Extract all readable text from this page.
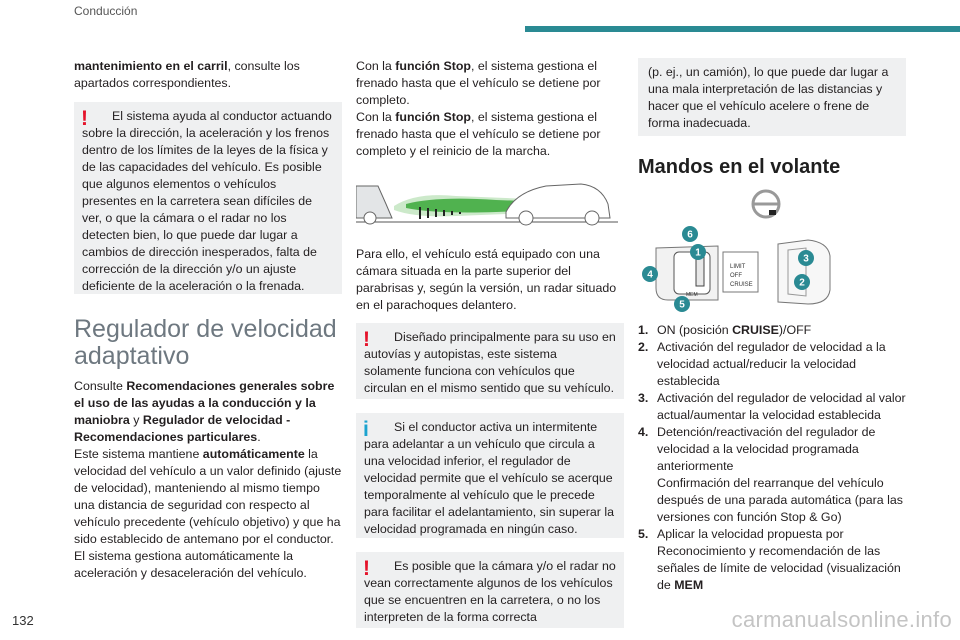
Conducción

mantenimiento en el carril, consulte los apartados correspondientes.

!	El sistema ayuda al conductor actuando sobre la dirección, la aceleración y los frenos dentro de los límites de la leyes de la física y de las capacidades del vehículo. Es posible que algunos elementos o vehículos presentes en la carretera sean difíciles de ver, o que la cámara o el radar no los detecten bien, lo que puede dar lugar a cambios de dirección inesperados, falta de corrección de la dirección y/o un ajuste deficiente de la aceleración o la frenada.

Regulador de velocidad adaptativo

Consulte Recomendaciones generales sobre el uso de las ayudas a la conducción y la maniobra y Regulador de velocidad - Recomendaciones particulares.

Este sistema mantiene automáticamente la velocidad del vehículo a un valor definido (ajuste de velocidad), manteniendo al mismo tiempo una distancia de seguridad con respecto al vehículo precedente (vehículo objetivo) y que ha sido establecido de antemano por el conductor. El sistema gestiona automáticamente la aceleración y desaceleración del vehículo.

Con la función Stop, el sistema gestiona el frenado hasta que el vehículo se detiene por completo.

Con la función Stop, el sistema gestiona el frenado hasta que el vehículo se detiene por completo y el reinicio de la marcha.

Para ello, el vehículo está equipado con una cámara situada en la parte superior del parabrisas y, según la versión, un radar situado en el parachoques delantero.

!	Diseñado principalmente para su uso en autovías y autopistas, este sistema solamente funciona con vehículos que circulan en el mismo sentido que su vehículo.

i	Si el conductor activa un intermitente para adelantar a un vehículo que circula a una velocidad inferior, el regulador de velocidad permite que el vehículo se acerque temporalmente al vehículo que le precede para facilitar el adelantamiento, sin superar la velocidad programada en ningún caso.

!	Es posible que la cámara y/o el radar no vean correctamente algunos de los vehículos que se encuentren en la carretera, o no los interpreten de la forma correcta

(p. ej., un camión), lo que puede dar lugar a una mala interpretación de las distancias y hacer que el vehículo acelere o frene de forma inadecuada.

Mandos en el volante
LIMIT
OFF
CRUISE
MEM
1
2
3
4
5
6
1. ON (posición CRUISE)/OFF
2. Activación del regulador de velocidad a la velocidad actual/reducir la velocidad establecida
3. Activación del regulador de velocidad al valor actual/aumentar la velocidad establecida
4. Detención/reactivación del regulador de velocidad a la velocidad programada anteriormente
Confirmación del rearranque del vehículo después de una parada automática (para las versiones con función Stop & Go)
5. Aplicar la velocidad propuesta por Reconocimiento y recomendación de las señales de límite de velocidad (visualización de MEM
132	carmanualsonline.info
